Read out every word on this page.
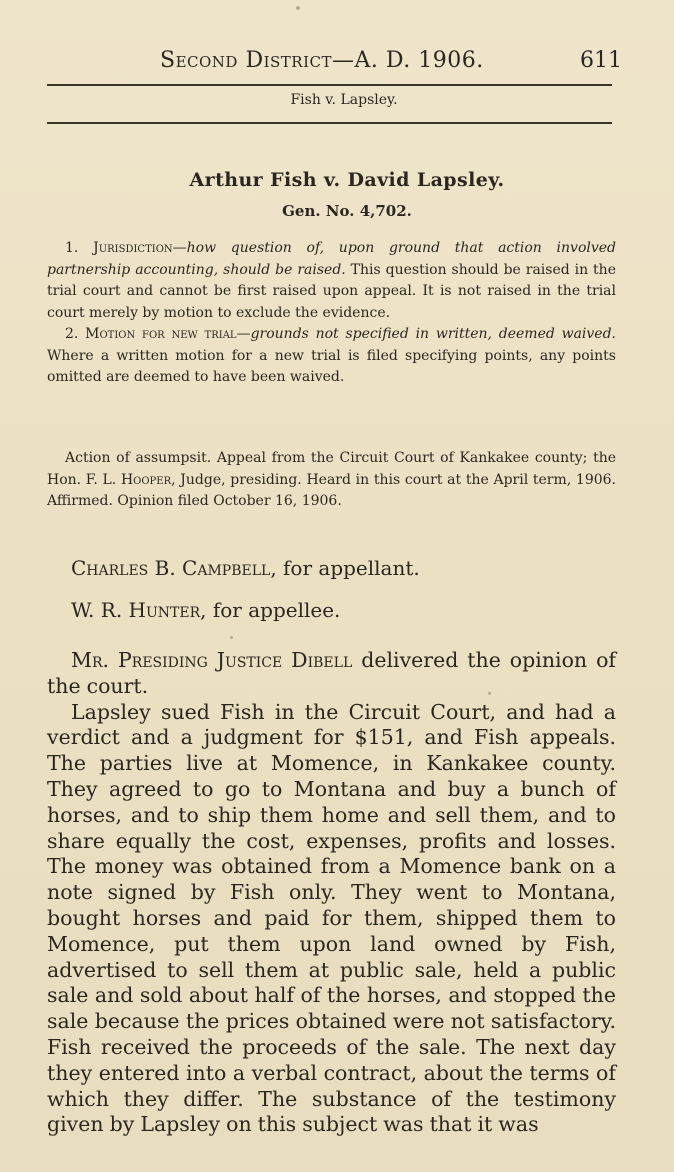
Second District—A. D. 1906.	611
Fish v. Lapsley.
Arthur Fish v. David Lapsley.
Gen. No. 4,702.

1. Jurisdiction—how question of, upon ground that action involved partnership accounting, should be raised. This question should be raised in the trial court and cannot be first raised upon appeal. It is not raised in the trial court merely by motion to exclude the evidence.

2. Motion for new trial—grounds not specified in written, deemed waived. Where a written motion for a new trial is filed specifying points, any points omitted are deemed to have been waived.

Action of assumpsit. Appeal from the Circuit Court of Kankakee county; the Hon. F. L. Hooper, Judge, presiding. Heard in this court at the April term, 1906. Affirmed. Opinion filed October 16, 1906.

Charles B. Campbell, for appellant.
W. R. Hunter, for appellee.

Mr. Presiding Justice Dibell delivered the opinion of the court.

Lapsley sued Fish in the Circuit Court, and had a verdict and a judgment for $151, and Fish appeals. The parties live at Momence, in Kankakee county. They agreed to go to Montana and buy a bunch of horses, and to ship them home and sell them, and to share equally the cost, expenses, profits and losses. The money was obtained from a Momence bank on a note signed by Fish only. They went to Montana, bought horses and paid for them, shipped them to Momence, put them upon land owned by Fish, advertised to sell them at public sale, held a public sale and sold about half of the horses, and stopped the sale because the prices obtained were not satisfactory. Fish received the proceeds of the sale. The next day they entered into a verbal contract, about the terms of which they differ. The substance of the testimony given by Lapsley on this subject was that it was
